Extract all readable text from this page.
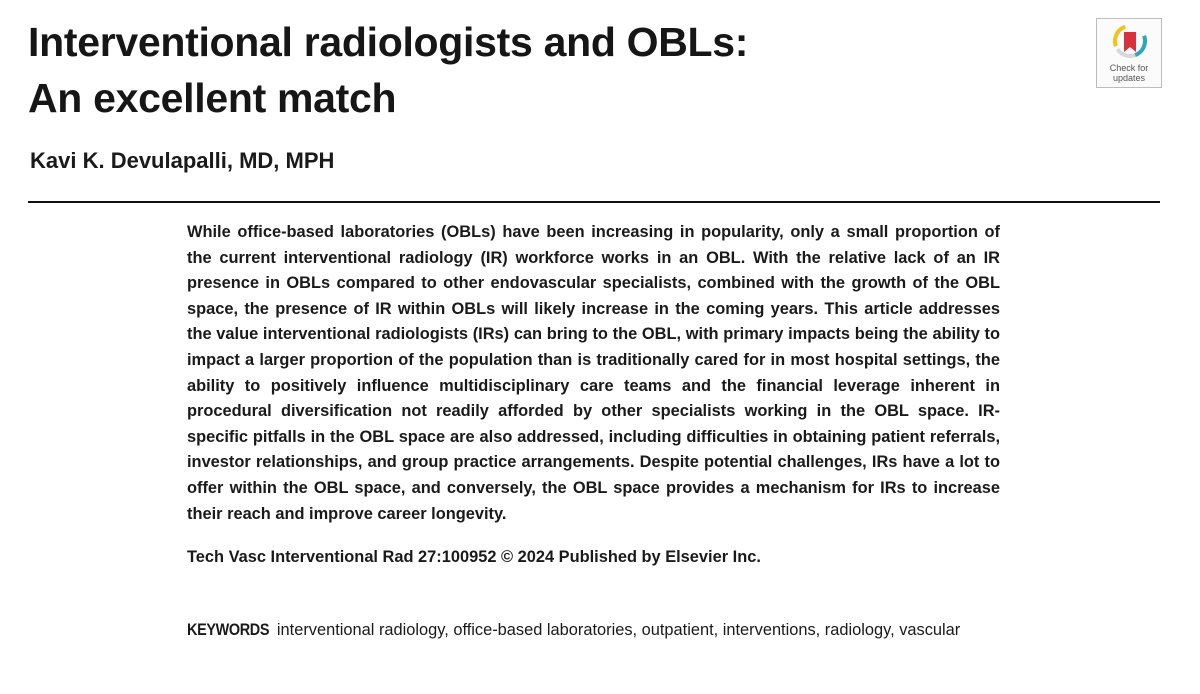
Interventional radiologists and OBLs:
An excellent match
Check for
updates

Kavi K. Devulapalli, MD, MPH

While office-based laboratories (OBLs) have been increasing in popularity, only a small proportion of the current interventional radiology (IR) workforce works in an OBL. With the relative lack of an IR presence in OBLs compared to other endovascular specialists, combined with the growth of the OBL space, the presence of IR within OBLs will likely increase in the coming years. This article addresses the value interventional radiologists (IRs) can bring to the OBL, with primary impacts being the ability to impact a larger proportion of the population than is traditionally cared for in most hospital settings, the ability to positively influence multidisciplinary care teams and the financial leverage inherent in procedural diversification not readily afforded by other specialists working in the OBL space. IR-specific pitfalls in the OBL space are also addressed, including difficulties in obtaining patient referrals, investor relationships, and group practice arrangements. Despite potential challenges, IRs have a lot to offer within the OBL space, and conversely, the OBL space provides a mechanism for IRs to increase their reach and improve career longevity.

Tech Vasc Interventional Rad 27:100952 © 2024 Published by Elsevier Inc.

KEYWORDS interventional radiology, office-based laboratories, outpatient, interventions, radiology, vascular
